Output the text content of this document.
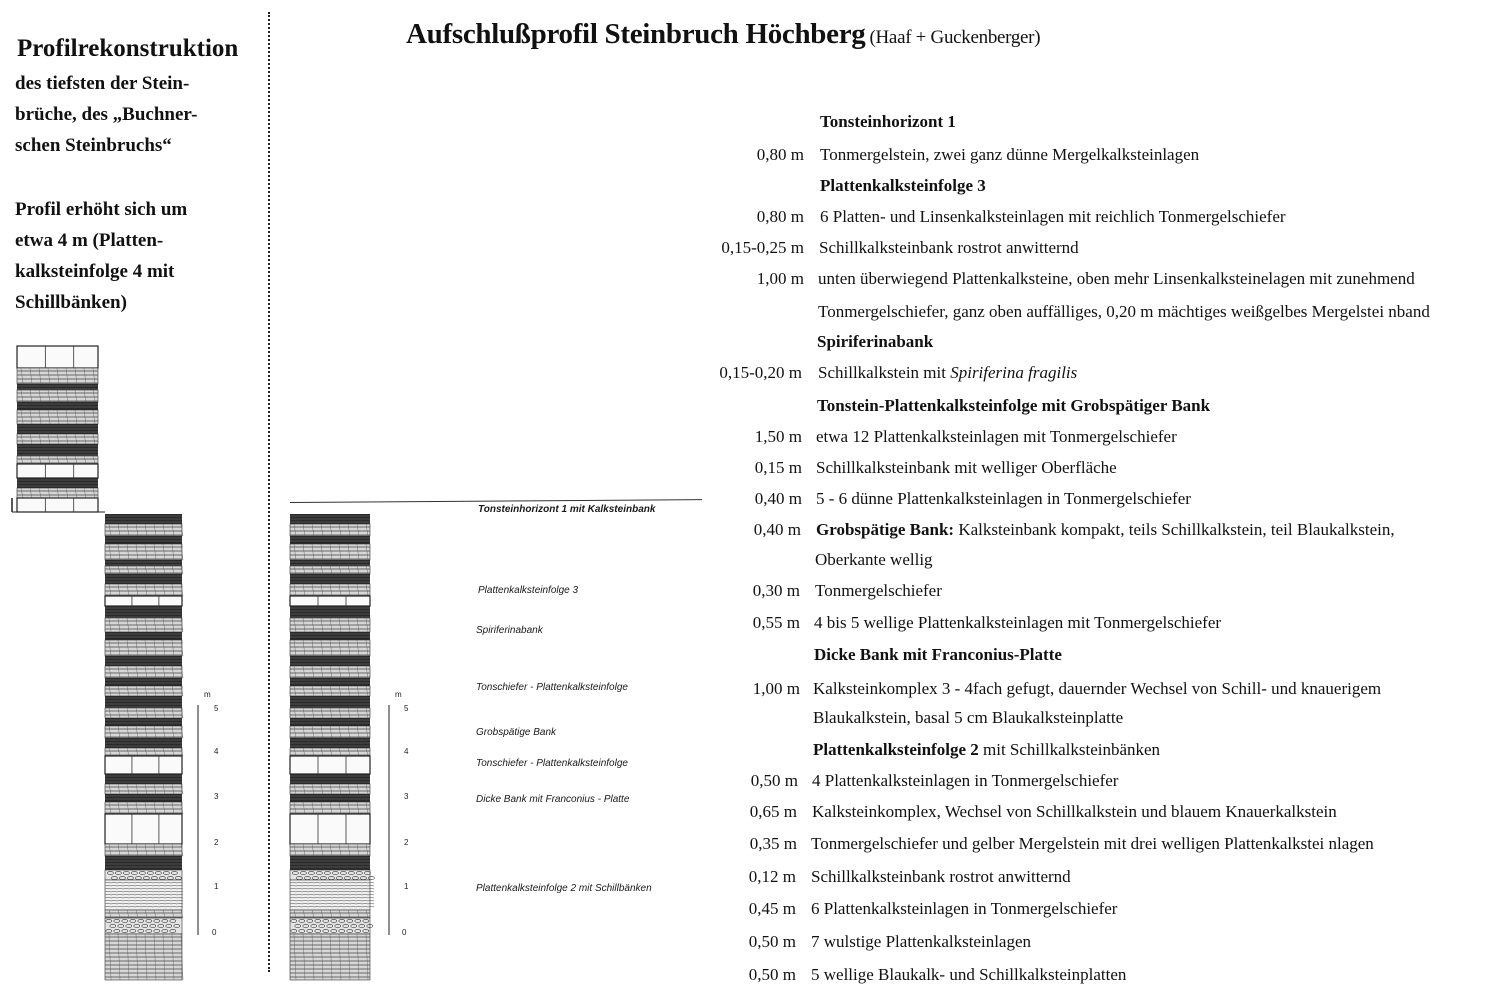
Aufschlußprofil Steinbruch Höchberg (Haaf + Guckenberger)
Profilrekonstruktion
des tiefsten der Stein-
brüche, des „Buchner-
schen Steinbruchs“
Profil erhöht sich um
etwa 4 m (Platten-
kalksteinfolge 4 mit
Schillbänken)
Tonsteinhorizont 1 mit Kalksteinbank
Plattenkalksteinfolge 3
Spiriferinabank
Tonschiefer - Plattenkalksteinfolge
Grobspätige Bank
Tonschiefer - Plattenkalksteinfolge
Dicke Bank mit Franconius - Platte
Plattenkalksteinfolge 2 mit Schillbänken
m
5
4
3
2
1
0
m
5
4
3
2
1
0
Tonsteinhorizont 1
0,80 m Tonmergelstein, zwei ganz dünne Mergelkalksteinlagen
Plattenkalksteinfolge 3
0,80 m 6 Platten- und Linsenkalksteinlagen mit reichlich Tonmergelschiefer
0,15-0,25 m Schillkalksteinbank rostrot anwitternd
1,00 m unten überwiegend Plattenkalksteine, oben mehr Linsenkalksteinelagen mit zunehmend
Tonmergelschiefer, ganz oben auffälliges, 0,20 m mächtiges weißgelbes Mergelstei nband
Spiriferinabank
0,15-0,20 m Schillkalkstein mit Spiriferina fragilis
Tonstein-Plattenkalksteinfolge mit Grobspätiger Bank
1,50 m etwa 12 Plattenkalksteinlagen mit Tonmergelschiefer
0,15 m Schillkalksteinbank mit welliger Oberfläche
0,40 m 5 - 6 dünne Plattenkalksteinlagen in Tonmergelschiefer
0,40 m Grobspätige Bank: Kalksteinbank kompakt, teils Schillkalkstein, teil Blaukalkstein,
Oberkante wellig
0,30 m Tonmergelschiefer
0,55 m 4 bis 5 wellige Plattenkalksteinlagen mit Tonmergelschiefer
Dicke Bank mit Franconius-Platte
1,00 m Kalksteinkomplex 3 - 4fach gefugt, dauernder Wechsel von Schill- und knauerigem
Blaukalkstein, basal 5 cm Blaukalksteinplatte
Plattenkalksteinfolge 2 mit Schillkalksteinbänken
0,50 m 4 Plattenkalksteinlagen in Tonmergelschiefer
0,65 m Kalksteinkomplex, Wechsel von Schillkalkstein und blauem Knauerkalkstein
0,35 m Tonmergelschiefer und gelber Mergelstein mit drei welligen Plattenkalkstei nlagen
0,12 m Schillkalksteinbank rostrot anwitternd
0,45 m 6 Plattenkalksteinlagen in Tonmergelschiefer
0,50 m 7 wulstige Plattenkalksteinlagen
0,50 m 5 wellige Blaukalk- und Schillkalksteinplatten
